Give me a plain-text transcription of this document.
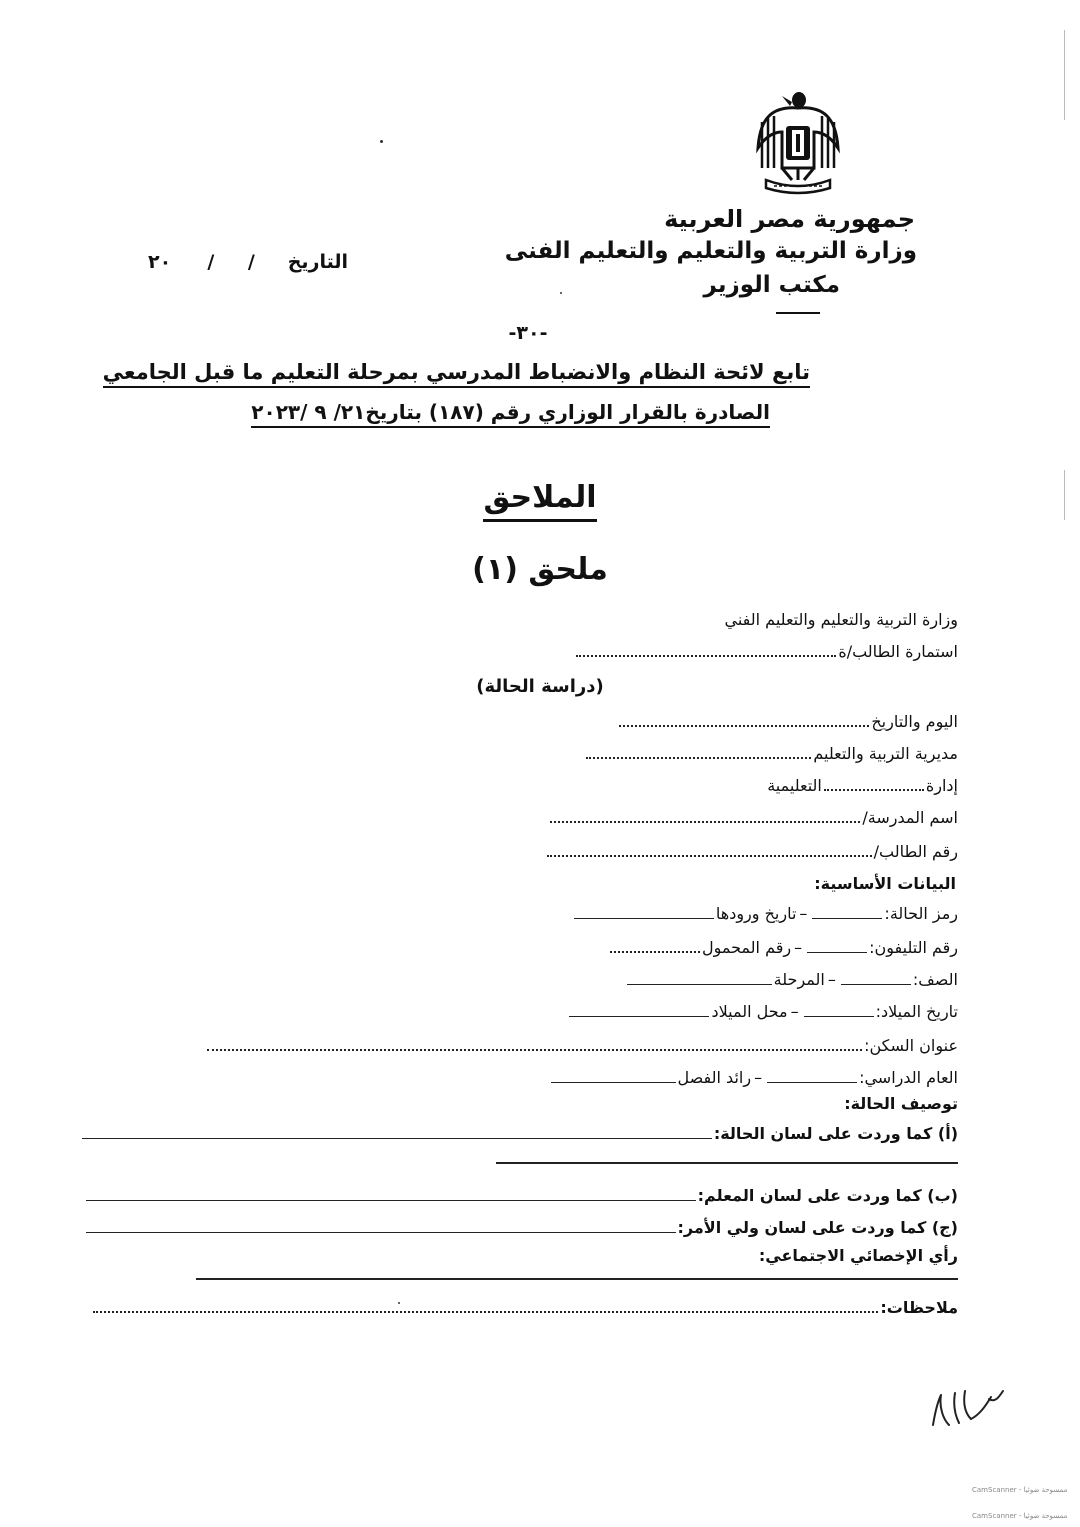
جمهورية مصر العربية
وزارة التربية والتعليم والتعليم الفنى
مكتب الوزير
التاريخ
/
/
٢٠
-٣٠-
تابع لائحة النظام والانضباط المدرسي بمرحلة التعليم ما قبل الجامعي
الصادرة بالقرار الوزاري رقم (١٨٧) بتاريخ٢١/ ٩ /٢٠٢٣
الملاحق
ملحق (١)
وزارة التربية والتعليم والتعليم الفني
استمارة الطالب/ة
(دراسة الحالة)
اليوم والتاريخ
مديرية التربية والتعليم
إدارةالتعليمية
اسم المدرسة/
رقم الطالب/
البيانات الأساسية:
رمز الحالة:–تاريخ ورودها
رقم التليفون:–رقم المحمول
الصف:–المرحلة
تاريخ الميلاد:–محل الميلاد
عنوان السكن:
العام الدراسي:–رائد الفصل
توصيف الحالة:
(أ) كما وردت على لسان الحالة:
(ب) كما وردت على لسان المعلم:
(ج) كما وردت على لسان ولي الأمر:
رأي الإخصائي الاجتماعي:
ملاحظات:
CamScanner - ممسوحة ضوئيا
CamScanner - ممسوحة ضوئيا
